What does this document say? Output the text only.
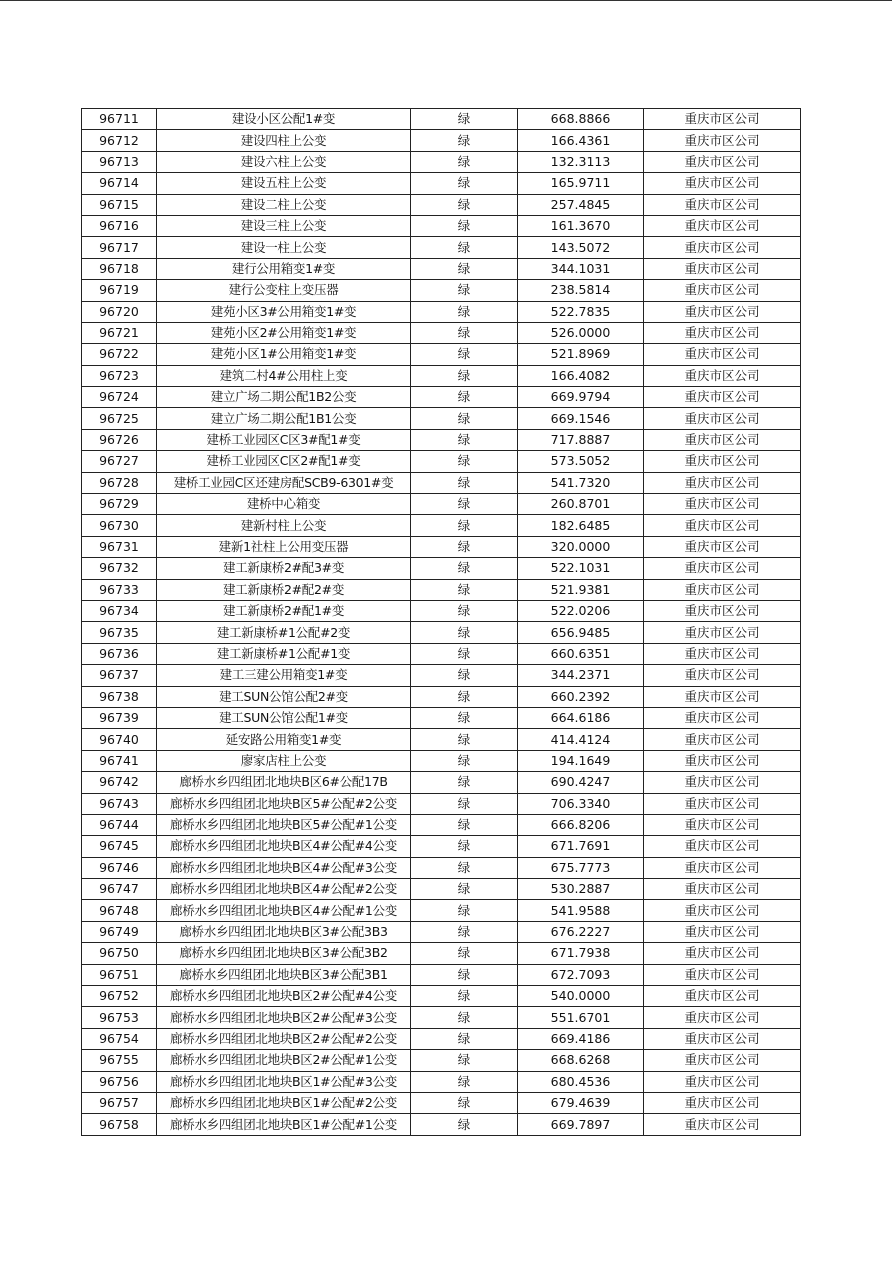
96711	建设小区公配1#变	绿	668.8866	重庆市区公司
96712	建设四柱上公变	绿	166.4361	重庆市区公司
96713	建设六柱上公变	绿	132.3113	重庆市区公司
96714	建设五柱上公变	绿	165.9711	重庆市区公司
96715	建设二柱上公变	绿	257.4845	重庆市区公司
96716	建设三柱上公变	绿	161.3670	重庆市区公司
96717	建设一柱上公变	绿	143.5072	重庆市区公司
96718	建行公用箱变1#变	绿	344.1031	重庆市区公司
96719	建行公变柱上变压器	绿	238.5814	重庆市区公司
96720	建苑小区3#公用箱变1#变	绿	522.7835	重庆市区公司
96721	建苑小区2#公用箱变1#变	绿	526.0000	重庆市区公司
96722	建苑小区1#公用箱变1#变	绿	521.8969	重庆市区公司
96723	建筑二村4#公用柱上变	绿	166.4082	重庆市区公司
96724	建立广场二期公配1B2公变	绿	669.9794	重庆市区公司
96725	建立广场二期公配1B1公变	绿	669.1546	重庆市区公司
96726	建桥工业园区C区3#配1#变	绿	717.8887	重庆市区公司
96727	建桥工业园区C区2#配1#变	绿	573.5052	重庆市区公司
96728	建桥工业园C区还建房配SCB9-6301#变	绿	541.7320	重庆市区公司
96729	建桥中心箱变	绿	260.8701	重庆市区公司
96730	建新村柱上公变	绿	182.6485	重庆市区公司
96731	建新1社柱上公用变压器	绿	320.0000	重庆市区公司
96732	建工新康桥2#配3#变	绿	522.1031	重庆市区公司
96733	建工新康桥2#配2#变	绿	521.9381	重庆市区公司
96734	建工新康桥2#配1#变	绿	522.0206	重庆市区公司
96735	建工新康桥#1公配#2变	绿	656.9485	重庆市区公司
96736	建工新康桥#1公配#1变	绿	660.6351	重庆市区公司
96737	建工三建公用箱变1#变	绿	344.2371	重庆市区公司
96738	建工SUN公馆公配2#变	绿	660.2392	重庆市区公司
96739	建工SUN公馆公配1#变	绿	664.6186	重庆市区公司
96740	延安路公用箱变1#变	绿	414.4124	重庆市区公司
96741	廖家店柱上公变	绿	194.1649	重庆市区公司
96742	廊桥水乡四组团北地块B区6#公配17B	绿	690.4247	重庆市区公司
96743	廊桥水乡四组团北地块B区5#公配#2公变	绿	706.3340	重庆市区公司
96744	廊桥水乡四组团北地块B区5#公配#1公变	绿	666.8206	重庆市区公司
96745	廊桥水乡四组团北地块B区4#公配#4公变	绿	671.7691	重庆市区公司
96746	廊桥水乡四组团北地块B区4#公配#3公变	绿	675.7773	重庆市区公司
96747	廊桥水乡四组团北地块B区4#公配#2公变	绿	530.2887	重庆市区公司
96748	廊桥水乡四组团北地块B区4#公配#1公变	绿	541.9588	重庆市区公司
96749	廊桥水乡四组团北地块B区3#公配3B3	绿	676.2227	重庆市区公司
96750	廊桥水乡四组团北地块B区3#公配3B2	绿	671.7938	重庆市区公司
96751	廊桥水乡四组团北地块B区3#公配3B1	绿	672.7093	重庆市区公司
96752	廊桥水乡四组团北地块B区2#公配#4公变	绿	540.0000	重庆市区公司
96753	廊桥水乡四组团北地块B区2#公配#3公变	绿	551.6701	重庆市区公司
96754	廊桥水乡四组团北地块B区2#公配#2公变	绿	669.4186	重庆市区公司
96755	廊桥水乡四组团北地块B区2#公配#1公变	绿	668.6268	重庆市区公司
96756	廊桥水乡四组团北地块B区1#公配#3公变	绿	680.4536	重庆市区公司
96757	廊桥水乡四组团北地块B区1#公配#2公变	绿	679.4639	重庆市区公司
96758	廊桥水乡四组团北地块B区1#公配#1公变	绿	669.7897	重庆市区公司
